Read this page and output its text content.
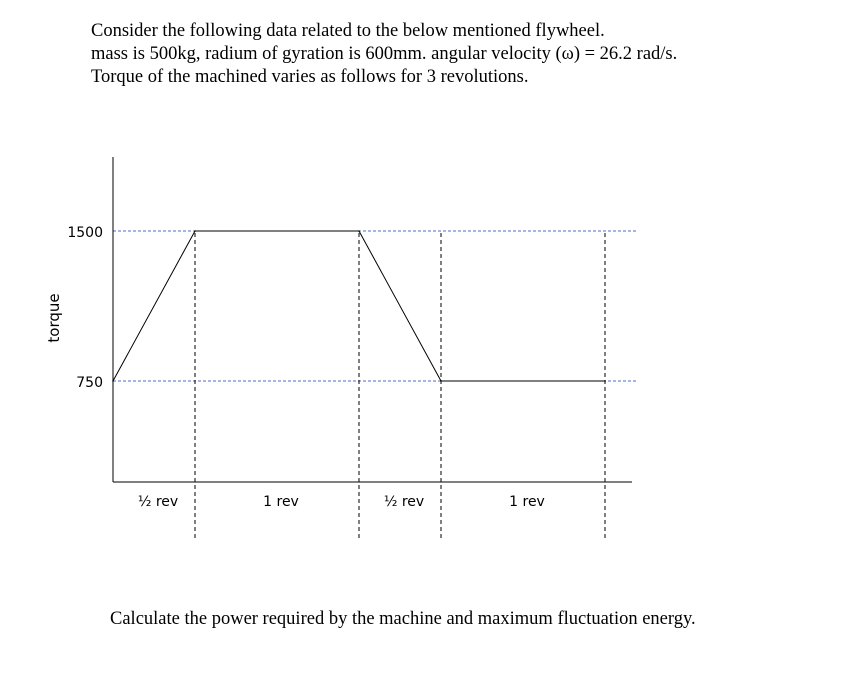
Consider the following data related to the below mentioned flywheel.
mass is 500kg, radium of gyration is 600mm. angular velocity (ω) = 26.2 rad/s.
Torque of the machined varies as follows for 3 revolutions.
750
1500
torque
½ rev	1 rev	½ rev	1 rev
Calculate the power required by the machine and maximum fluctuation energy.
